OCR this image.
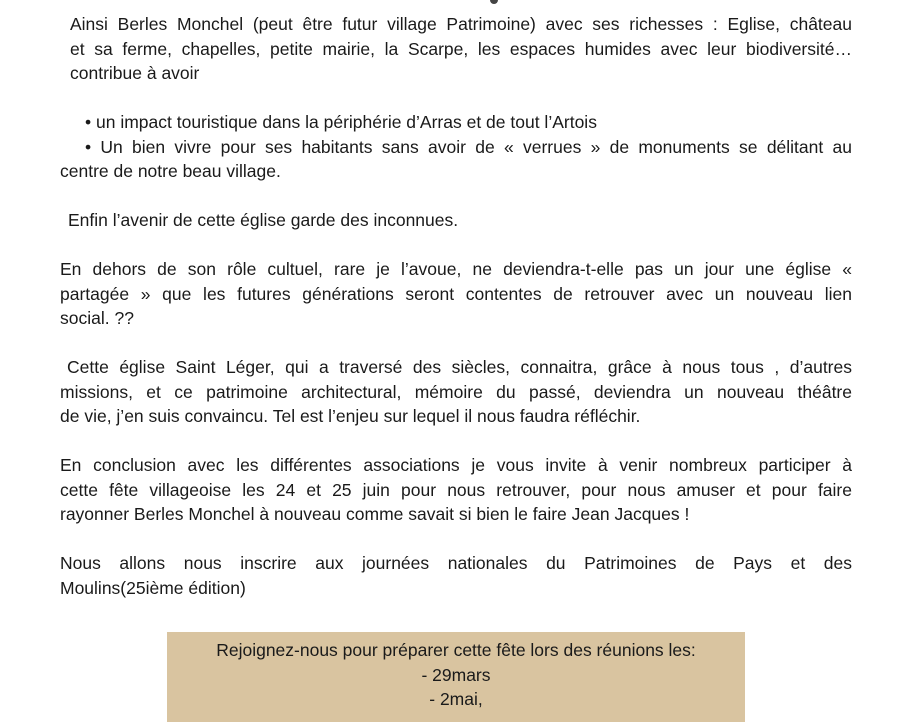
Ainsi Berles Monchel (peut être futur village Patrimoine) avec ses richesses : Eglise, château
et sa ferme, chapelles, petite mairie, la Scarpe, les espaces humides avec leur biodiversité…
contribue à avoir

• un impact touristique dans la périphérie d’Arras et de tout l’Artois
• Un bien vivre pour ses habitants sans avoir de « verrues » de monuments se délitant au
centre de notre beau village.

Enfin l’avenir de cette église garde des inconnues.

En dehors de son rôle cultuel, rare je l’avoue, ne deviendra-t-elle pas un jour une église «
partagée » que les futures générations seront contentes de retrouver avec un nouveau lien
social. ??

Cette église Saint Léger, qui a traversé des siècles, connaitra, grâce à nous tous , d’autres
missions, et ce patrimoine architectural, mémoire du passé, deviendra un nouveau théâtre
de vie, j’en suis convaincu. Tel est l’enjeu sur lequel il nous faudra réfléchir.

En conclusion avec les différentes associations je vous invite à venir nombreux participer à
cette fête villageoise les 24 et 25 juin pour nous retrouver, pour nous amuser et pour faire
rayonner Berles Monchel à nouveau comme savait si bien le faire Jean Jacques !

Nous allons nous inscrire aux journées nationales du Patrimoines de Pays et des
Moulins(25ième édition)

Rejoignez-nous pour préparer cette fête lors des réunions les:
- 29mars
- 2mai,
